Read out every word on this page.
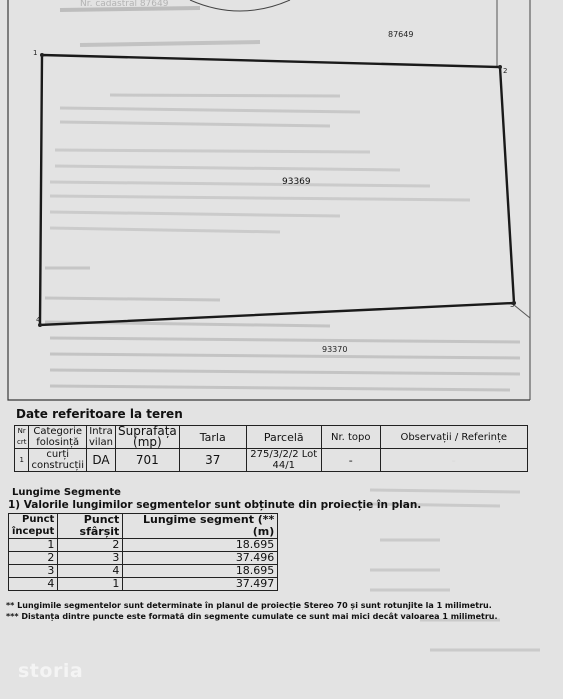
1
2
3
4
87649
93369
93370
Nr. cadastral 87649
Date referitoare la teren
Nr crt	Categorie folosință	Intra vilan	Suprafața (mp)	Tarla	Parcelă	Nr. topo	Observații / Referințe
1	curți construcții	DA	701	37	275/3/2/2 Lot 44/1	-	-
Lungime Segmente
1) Valorile lungimilor segmentelor sunt obținute din proiecție în plan.
Punct început	Punct sfârșit	Lungime segment (** (m)
1	2	18.695
2	3	37.496
3	4	18.695
4	1	37.497
** Lungimile segmentelor sunt determinate în planul de proiecție Stereo 70 și sunt rotunjite la 1 milimetru.
*** Distanța dintre puncte este formată din segmente cumulate ce sunt mai mici decât valoarea 1 milimetru.
storia
